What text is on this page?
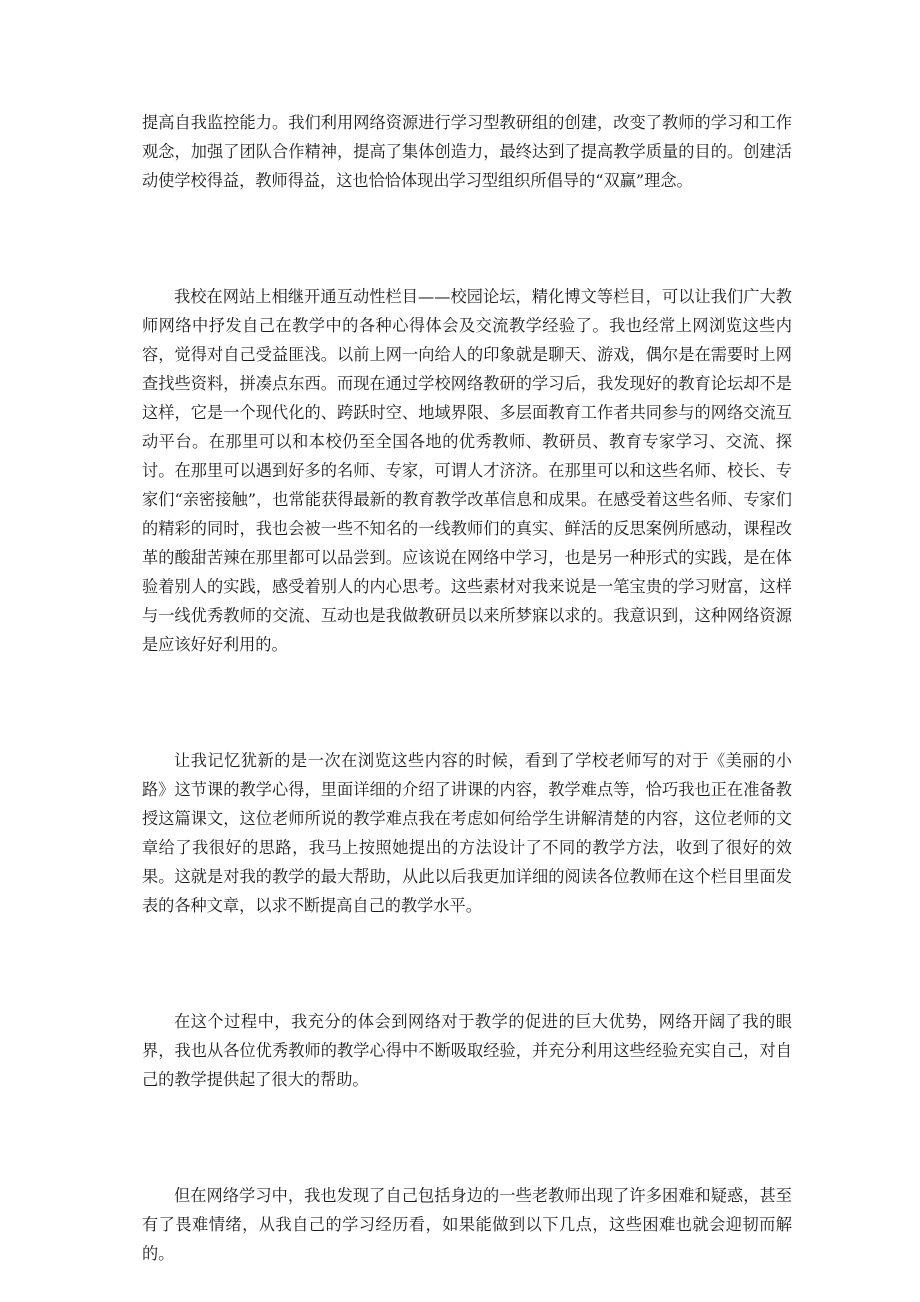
提高自我监控能力。我们利用网络资源进行学习型教研组的创建，改变了教师的学习和工作观念，加强了团队合作精神，提高了集体创造力，最终达到了提高教学质量的目的。创建活动使学校得益，教师得益，这也恰恰体现出学习型组织所倡导的“双赢”理念。

我校在网站上相继开通互动性栏目——校园论坛，精化博文等栏目，可以让我们广大教师网络中抒发自己在教学中的各种心得体会及交流教学经验了。我也经常上网浏览这些内容，觉得对自己受益匪浅。以前上网一向给人的印象就是聊天、游戏，偶尔是在需要时上网查找些资料，拼凑点东西。而现在通过学校网络教研的学习后，我发现好的教育论坛却不是这样，它是一个现代化的、跨跃时空、地域界限、多层面教育工作者共同参与的网络交流互动平台。在那里可以和本校仍至全国各地的优秀教师、教研员、教育专家学习、交流、探讨。在那里可以遇到好多的名师、专家，可谓人才济济。在那里可以和这些名师、校长、专家们“亲密接触”，也常能获得最新的教育教学改革信息和成果。在感受着这些名师、专家们的精彩的同时，我也会被一些不知名的一线教师们的真实、鲜活的反思案例所感动，课程改革的酸甜苦辣在那里都可以品尝到。应该说在网络中学习，也是另一种形式的实践，是在体验着别人的实践，感受着别人的内心思考。这些素材对我来说是一笔宝贵的学习财富，这样与一线优秀教师的交流、互动也是我做教研员以来所梦寐以求的。我意识到，这种网络资源是应该好好利用的。

让我记忆犹新的是一次在浏览这些内容的时候，看到了学校老师写的对于《美丽的小路》这节课的教学心得，里面详细的介绍了讲课的内容，教学难点等，恰巧我也正在准备教授这篇课文，这位老师所说的教学难点我在考虑如何给学生讲解清楚的内容，这位老师的文章给了我很好的思路，我马上按照她提出的方法设计了不同的教学方法，收到了很好的效果。这就是对我的教学的最大帮助，从此以后我更加详细的阅读各位教师在这个栏目里面发表的各种文章，以求不断提高自己的教学水平。

在这个过程中，我充分的体会到网络对于教学的促进的巨大优势，网络开阔了我的眼界，我也从各位优秀教师的教学心得中不断吸取经验，并充分利用这些经验充实自己，对自己的教学提供起了很大的帮助。

但在网络学习中，我也发现了自己包括身边的一些老教师出现了许多困难和疑惑，甚至有了畏难情绪，从我自己的学习经历看，如果能做到以下几点，这些困难也就会迎韧而解的。
